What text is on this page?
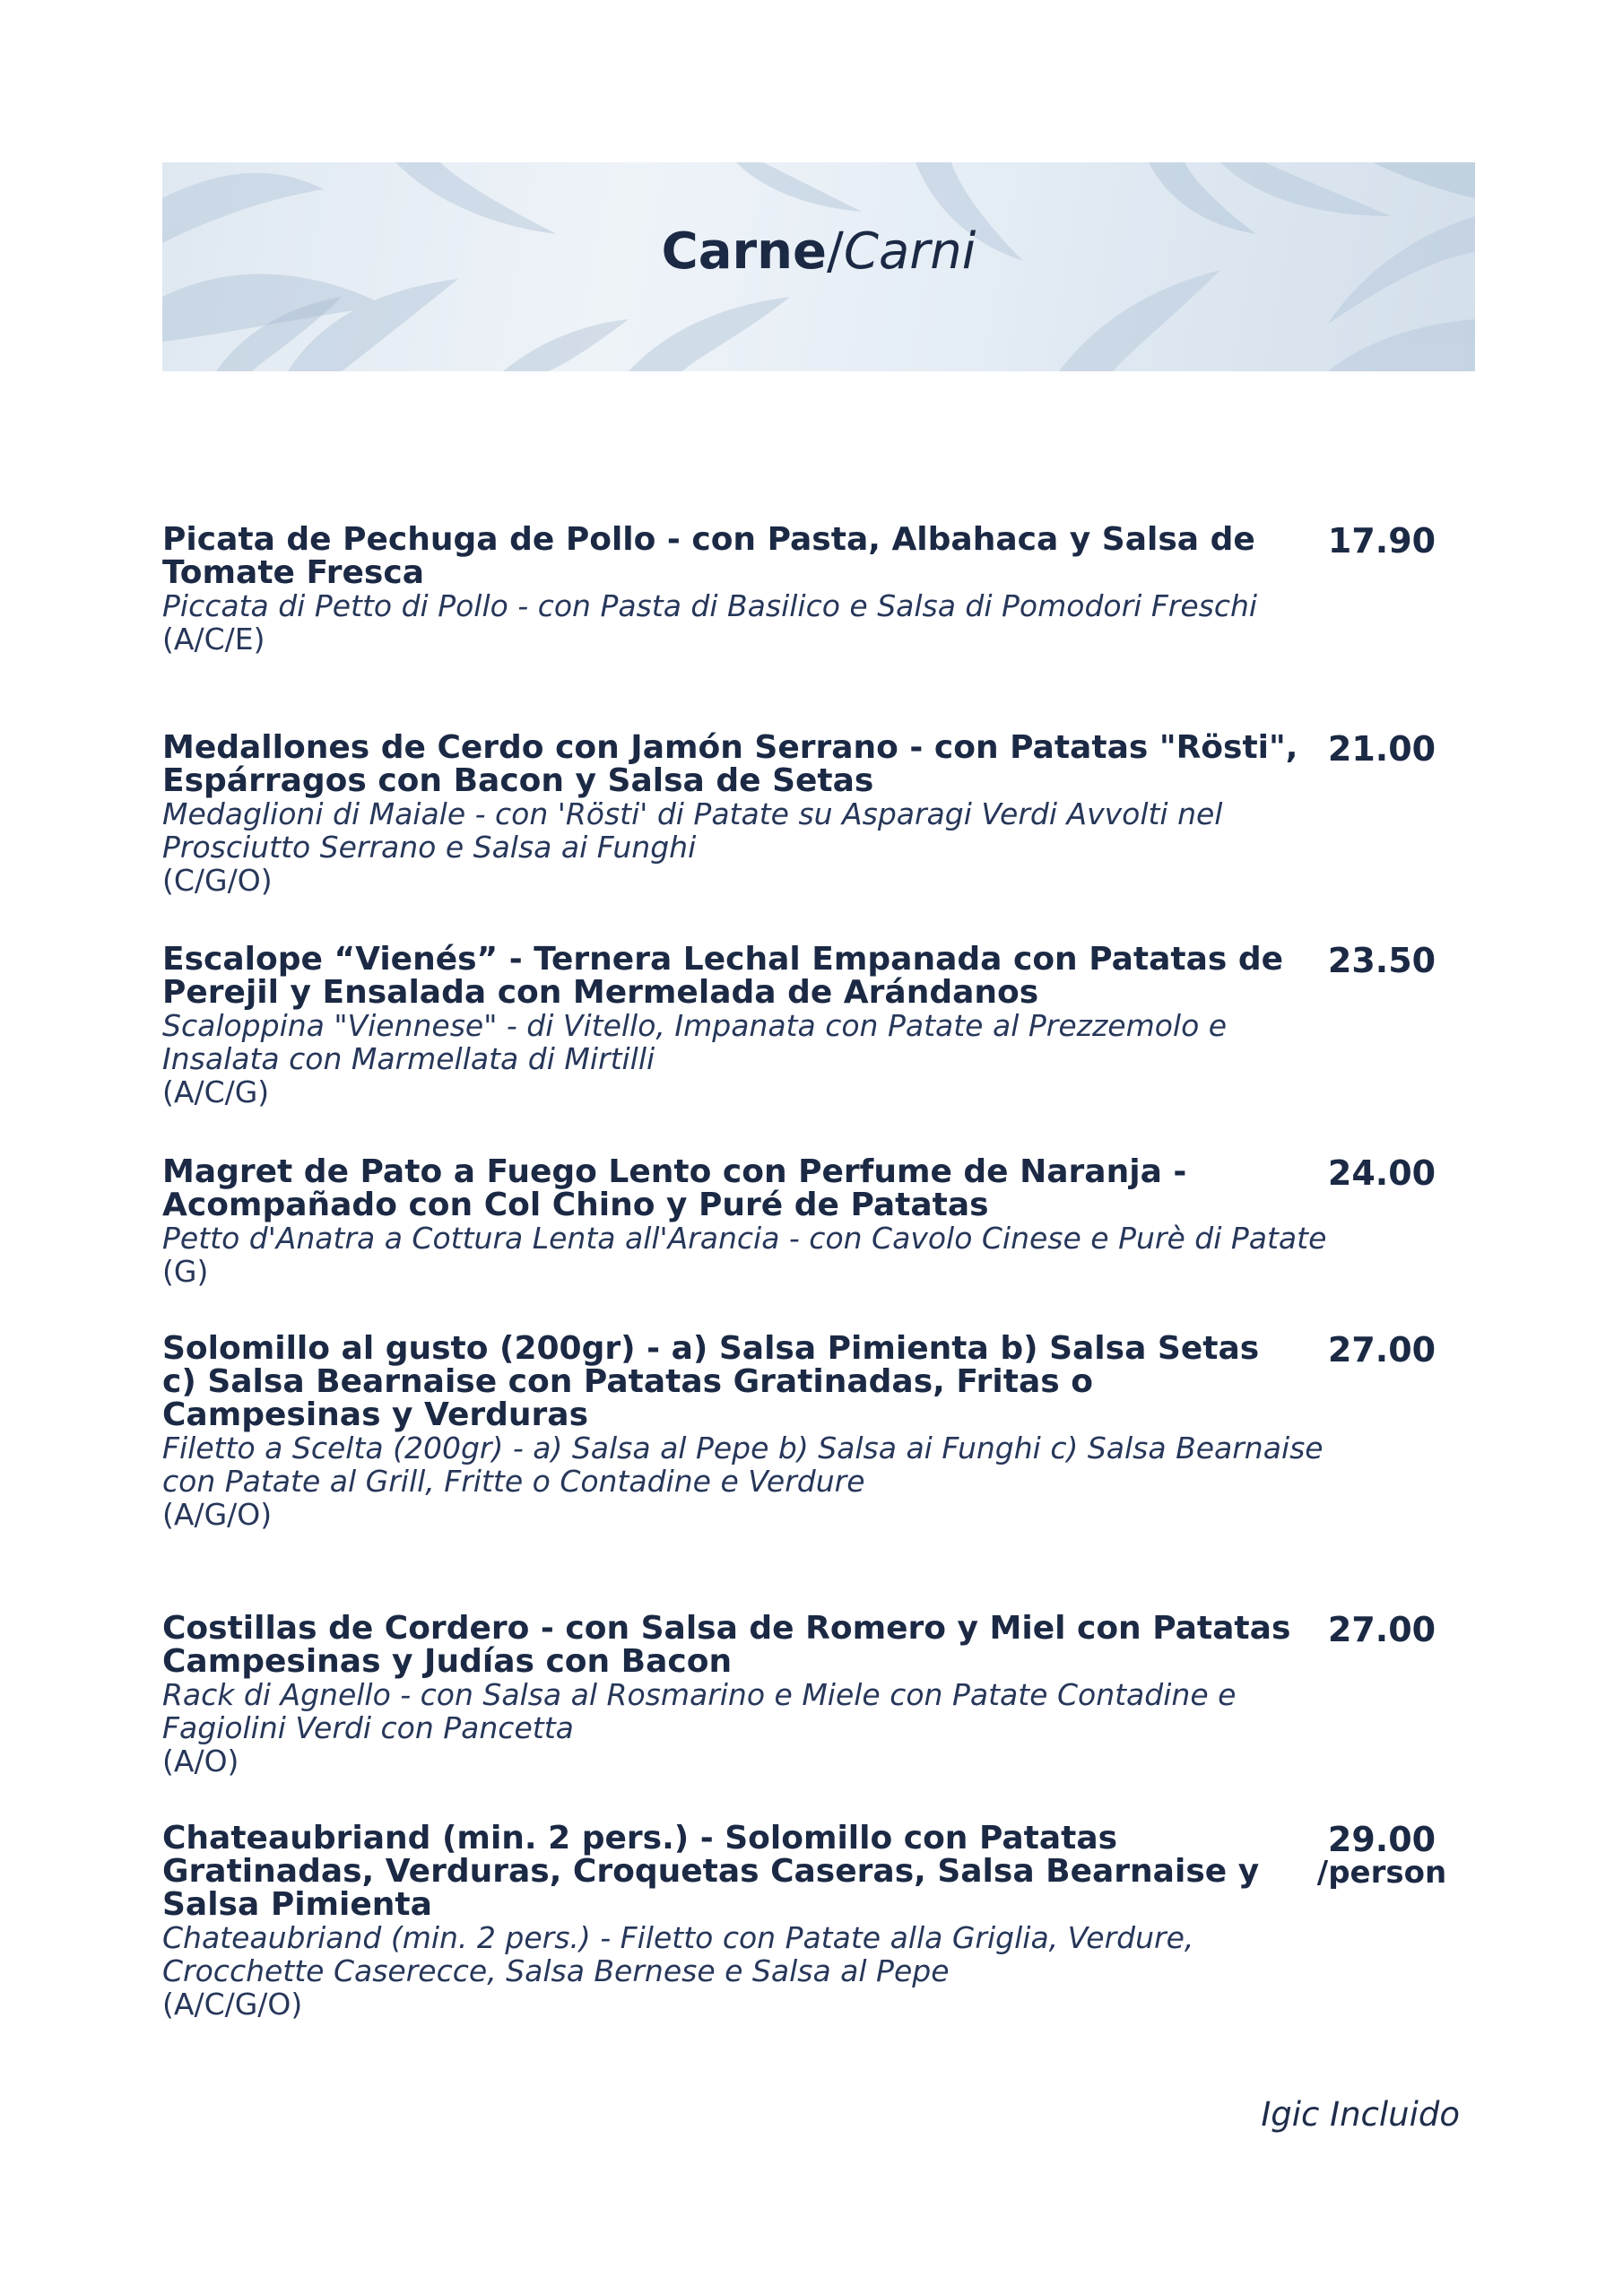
Carne/Carni
Picata de Pechuga de Pollo - con Pasta, Albahaca y Salsa de Tomate Fresca
Piccata di Petto di Pollo - con Pasta di Basilico e Salsa di Pomodori Freschi
(A/C/E)
17.90
Medallones de Cerdo con Jamón Serrano - con Patatas "Rösti", Espárragos con Bacon y Salsa de Setas
Medaglioni di Maiale - con 'Rösti' di Patate su Asparagi Verdi Avvolti nel Prosciutto Serrano e Salsa ai Funghi
(C/G/O)
21.00
Escalope “Vienés” - Ternera Lechal Empanada con Patatas de Perejil y Ensalada con Mermelada de Arándanos
Scaloppina "Viennese" - di Vitello, Impanata con Patate al Prezzemolo e Insalata con Marmellata di Mirtilli
(A/C/G)
23.50
Magret de Pato a Fuego Lento con Perfume de Naranja - Acompañado con Col Chino y Puré de Patatas
Petto d'Anatra a Cottura Lenta all'Arancia - con Cavolo Cinese e Purè di Patate (G)
24.00
Solomillo al gusto (200gr) - a) Salsa Pimienta b) Salsa Setas c) Salsa Bearnaise con Patatas Gratinadas, Fritas o Campesinas y Verduras
Filetto a Scelta (200gr) - a) Salsa al Pepe b) Salsa ai Funghi c) Salsa Bearnaise con Patate al Grill, Fritte o Contadine e Verdure
(A/G/O)
27.00
Costillas de Cordero - con Salsa de Romero y Miel con Patatas Campesinas y Judías con Bacon
Rack di Agnello - con Salsa al Rosmarino e Miele con Patate Contadine e Fagiolini Verdi con Pancetta
(A/O)
27.00
Chateaubriand (min. 2 pers.) - Solomillo con Patatas Gratinadas, Verduras, Croquetas Caseras, Salsa Bearnaise y Salsa Pimienta
Chateaubriand (min. 2 pers.) - Filetto con Patate alla Griglia, Verdure, Crocchette Caserecce, Salsa Bernese e Salsa al Pepe
(A/C/G/O)
29.00
/person
Igic Incluido
